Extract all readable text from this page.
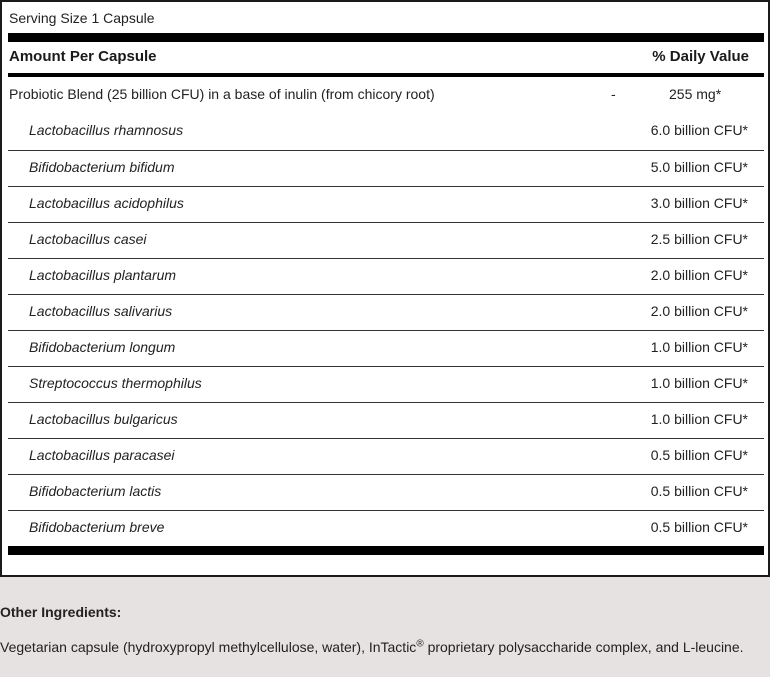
Serving Size 1 Capsule
Amount Per Capsule	% Daily Value
Probiotic Blend (25 billion CFU) in a base of inulin (from chicory root)	-	255 mg*
Lactobacillus rhamnosus	6.0 billion CFU*
Bifidobacterium bifidum	5.0 billion CFU*
Lactobacillus acidophilus	3.0 billion CFU*
Lactobacillus casei	2.5 billion CFU*
Lactobacillus plantarum	2.0 billion CFU*
Lactobacillus salivarius	2.0 billion CFU*
Bifidobacterium longum	1.0 billion CFU*
Streptococcus thermophilus	1.0 billion CFU*
Lactobacillus bulgaricus	1.0 billion CFU*
Lactobacillus paracasei	0.5 billion CFU*
Bifidobacterium lactis	0.5 billion CFU*
Bifidobacterium breve	0.5 billion CFU*
Other Ingredients:
Vegetarian capsule (hydroxypropyl methylcellulose, water), InTactic® proprietary polysaccharide complex, and L-leucine.
